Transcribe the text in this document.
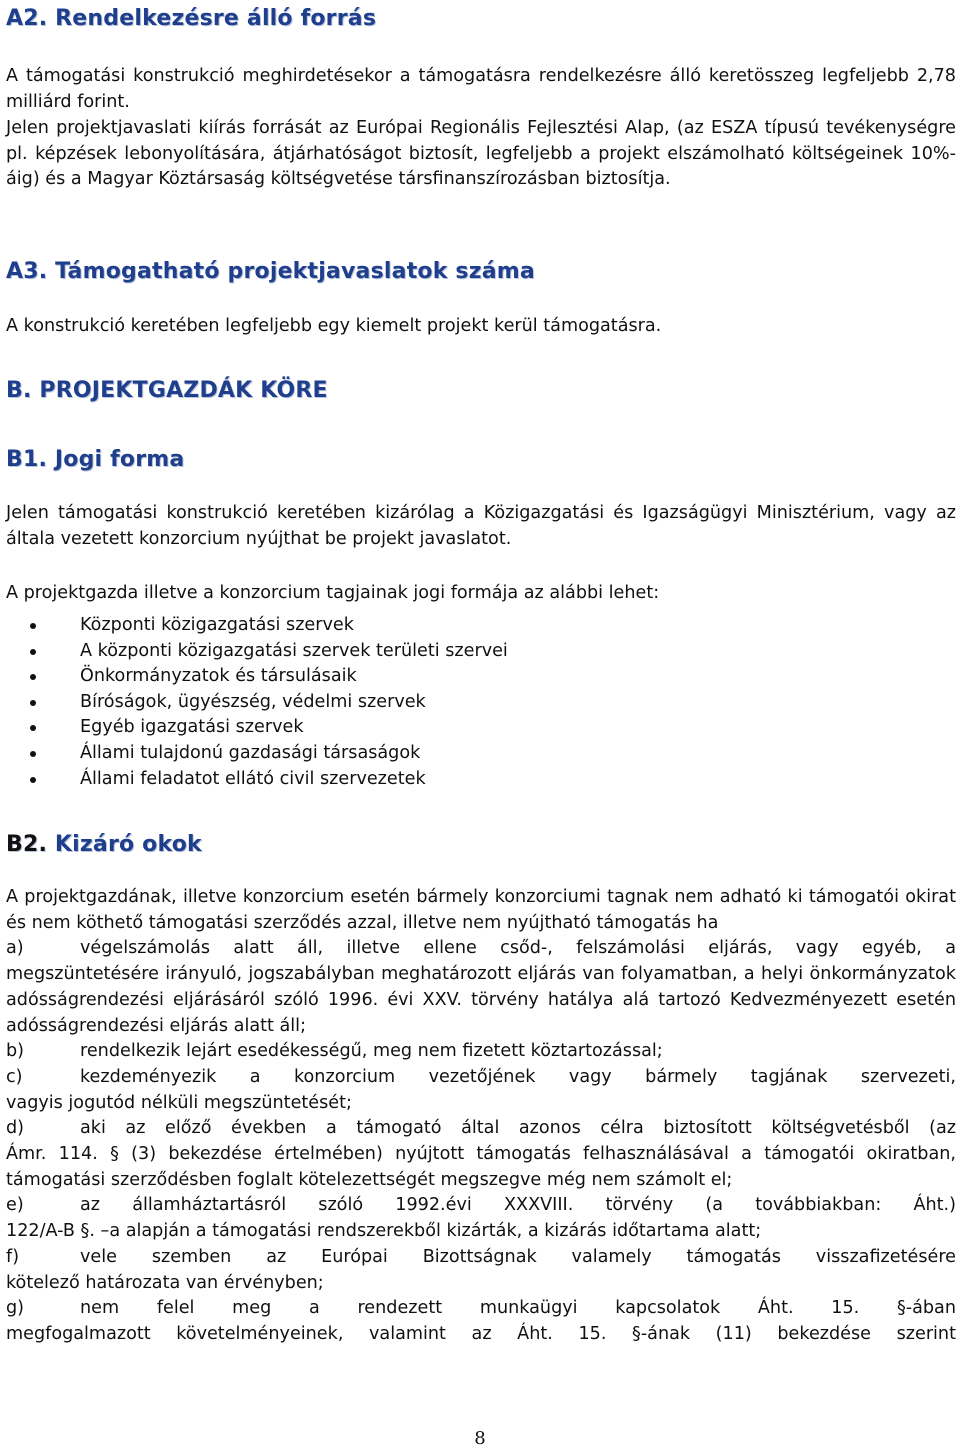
A2. Rendelkezésre álló forrás

A támogatási konstrukció meghirdetésekor a támogatásra rendelkezésre álló keretösszeg legfeljebb 2,78 milliárd forint.

Jelen projektjavaslati kiírás forrását az Európai Regionális Fejlesztési Alap, (az ESZA típusú tevékenységre pl. képzések lebonyolítására, átjárhatóságot biztosít, legfeljebb a projekt elszámolható költségeinek 10%-áig) és a Magyar Köztársaság költségvetése társfinanszírozásban biztosítja.

A3. Támogatható projektjavaslatok száma

A konstrukció keretében legfeljebb egy kiemelt projekt kerül támogatásra.

B. PROJEKTGAZDÁK KÖRE
B1. Jogi forma

Jelen támogatási konstrukció keretében kizárólag a Közigazgatási és Igazságügyi Minisztérium, vagy az általa vezetett konzorcium nyújthat be projekt javaslatot.

A projektgazda illetve a konzorcium tagjainak jogi formája az alábbi lehet:

Központi közigazgatási szervek
A központi közigazgatási szervek területi szervei
Önkormányzatok és társulásaik
Bíróságok, ügyészség, védelmi szervek
Egyéb igazgatási szervek
Állami tulajdonú gazdasági társaságok
Állami feladatot ellátó civil szervezetek
B2. Kizáró okok

A projektgazdának, illetve konzorcium esetén bármely konzorciumi tagnak nem adható ki támogatói okirat és nem köthető támogatási szerződés azzal, illetve nem nyújtható támogatás ha

a)	végelszámolás alatt áll, illetve ellene csőd-, felszámolási eljárás, vagy egyéb, a

megszüntetésére irányuló, jogszabályban meghatározott eljárás van folyamatban, a helyi önkormányzatok adósságrendezési eljárásáról szóló 1996. évi XXV. törvény hatálya alá tartozó Kedvezményezett esetén adósságrendezési eljárás alatt áll;

b)	rendelkezik lejárt esedékességű, meg nem fizetett köztartozással;
c)	kezdeményezik a konzorcium vezetőjének vagy bármely tagjának szervezeti,

vagyis jogutód nélküli megszüntetését;

d)	aki az előző években a támogató által azonos célra biztosított költségvetésből (az

Ámr. 114. § (3) bekezdése értelmében) nyújtott támogatás felhasználásával a támogatói okiratban, támogatási szerződésben foglalt kötelezettségét megszegve még nem számolt el;

e)	az államháztartásról szóló 1992.évi XXXVIII. törvény (a továbbiakban: Áht.)

122/A-B §. –a alapján a támogatási rendszerekből kizárták, a kizárás időtartama alatt;

f)	vele szemben az Európai Bizottságnak valamely támogatás visszafizetésére

kötelező határozata van érvényben;

g)	nem felel meg a rendezett munkaügyi kapcsolatok Áht. 15. §-ában

megfogalmazott követelményeinek, valamint az Áht. 15. §-ának (11) bekezdése szerint

8
